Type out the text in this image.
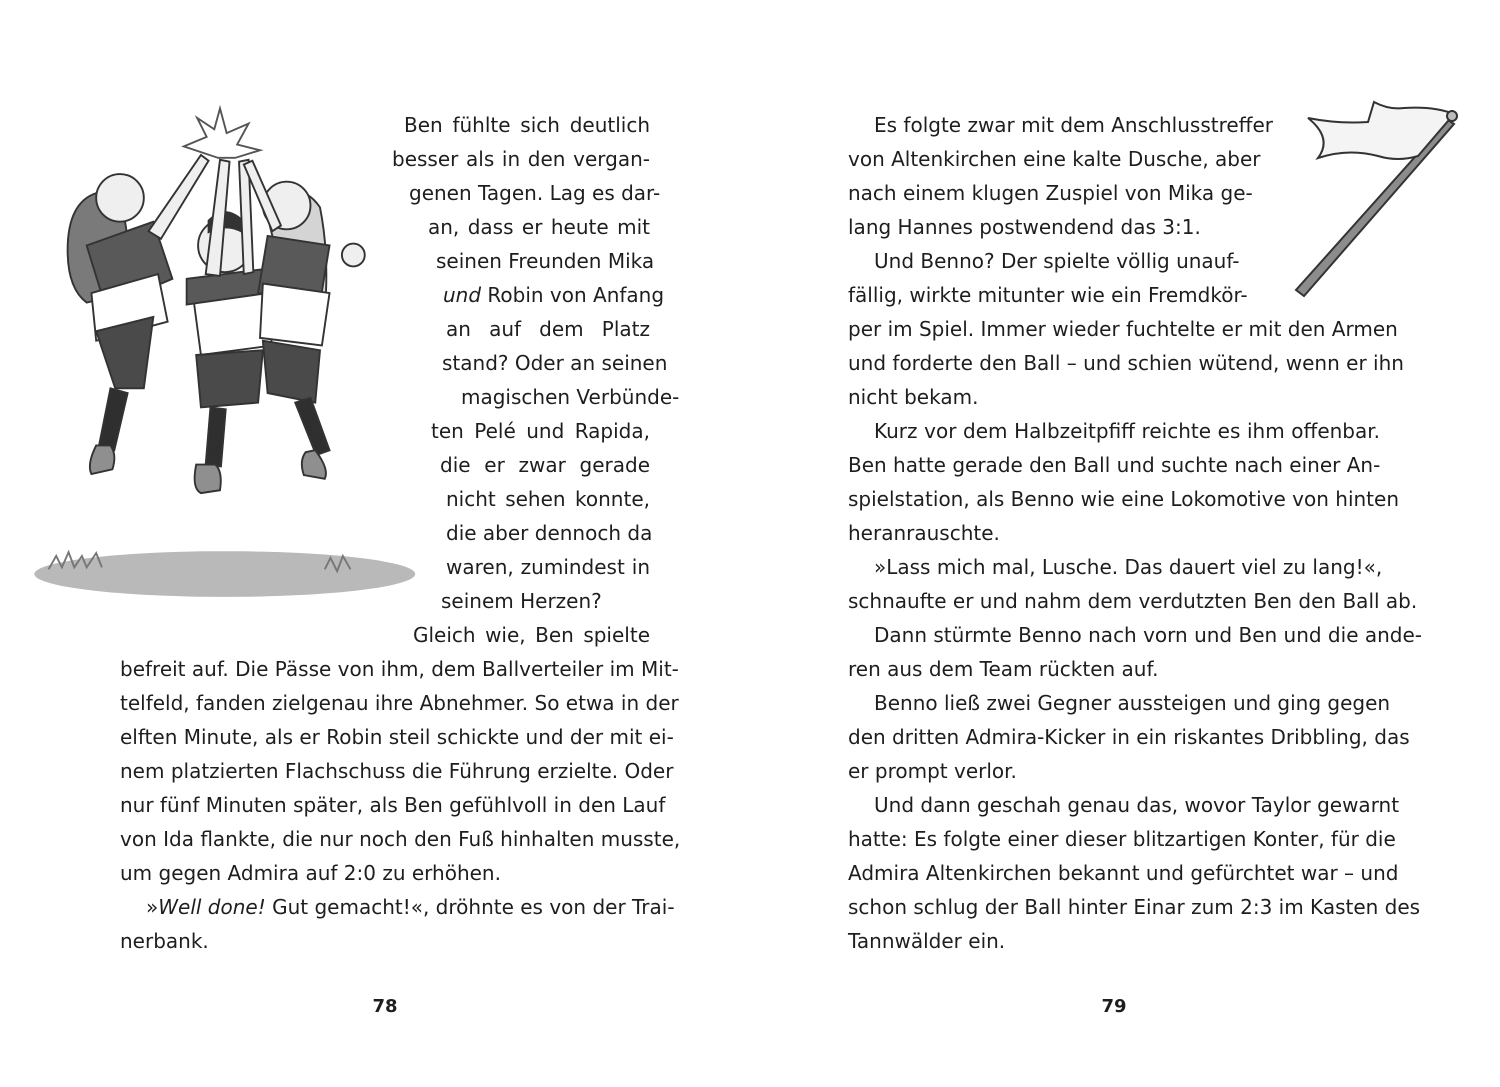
Ben fühlte sich deutlich
besser als in den vergan-
genen Tagen. Lag es dar-
an, dass er heute mit
seinen Freunden Mika
und Robin von Anfang
an auf dem Platz
stand? Oder an seinen
magischen Verbünde-
ten Pelé und Rapida,
die er zwar gerade
nicht sehen konnte,
die aber dennoch da
waren, zumindest in
seinem Herzen?
Gleich wie, Ben spielte
befreit auf. Die Pässe von ihm, dem Ballverteiler im Mit-
telfeld, fanden zielgenau ihre Abnehmer. So etwa in der
elften Minute, als er Robin steil schickte und der mit ei-
nem platzierten Flachschuss die Führung erzielte. Oder
nur fünf Minuten später, als Ben gefühlvoll in den Lauf
von Ida flankte, die nur noch den Fuß hinhalten musste,
um gegen Admira auf 2:0 zu erhöhen.
»Well done! Gut gemacht!«, dröhnte es von der Trai-
nerbank.
78
Es folgte zwar mit dem Anschlusstreffer
von Altenkirchen eine kalte Dusche, aber
nach einem klugen Zuspiel von Mika ge-
lang Hannes postwendend das 3:1.
Und Benno? Der spielte völlig unauf-
fällig, wirkte mitunter wie ein Fremdkör-
per im Spiel. Immer wieder fuchtelte er mit den Armen
und forderte den Ball – und schien wütend, wenn er ihn
nicht bekam.
Kurz vor dem Halbzeitpfiff reichte es ihm offenbar.
Ben hatte gerade den Ball und suchte nach einer An-
spielstation, als Benno wie eine Lokomotive von hinten
heranrauschte.
»Lass mich mal, Lusche. Das dauert viel zu lang!«,
schnaufte er und nahm dem verdutzten Ben den Ball ab.
Dann stürmte Benno nach vorn und Ben und die ande-
ren aus dem Team rückten auf.
Benno ließ zwei Gegner aussteigen und ging gegen
den dritten Admira-Kicker in ein riskantes Dribbling, das
er prompt verlor.
Und dann geschah genau das, wovor Taylor gewarnt
hatte: Es folgte einer dieser blitzartigen Konter, für die
Admira Altenkirchen bekannt und gefürchtet war – und
schon schlug der Ball hinter Einar zum 2:3 im Kasten des
Tannwälder ein.
79
